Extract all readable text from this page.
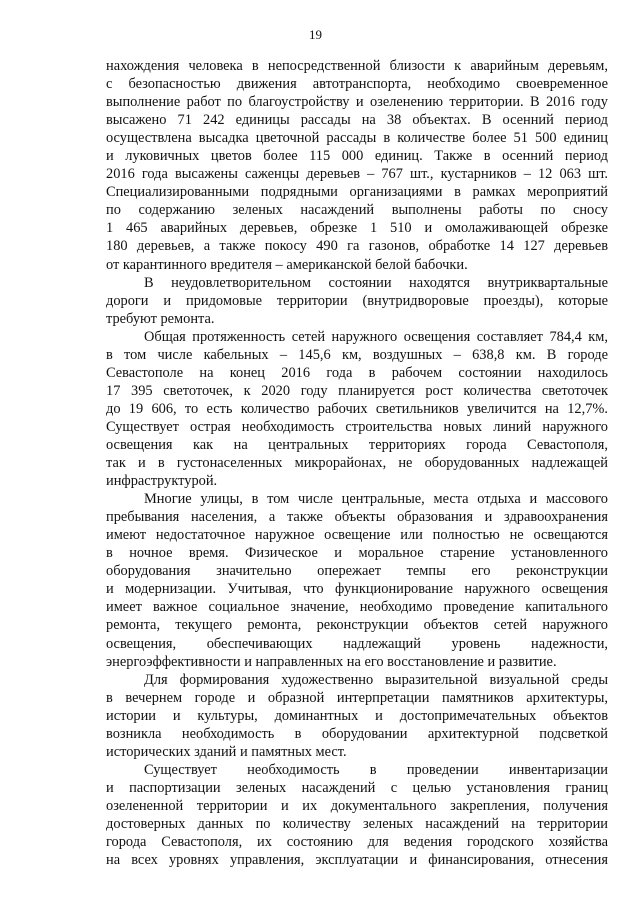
19
нахождения человека в непосредственной близости к аварийным деревьям,
с безопасностью движения автотранспорта, необходимо своевременное
выполнение работ по благоустройству и озеленению территории. В 2016 году
высажено 71 242 единицы рассады на 38 объектах. В осенний период
осуществлена высадка цветочной рассады в количестве более 51 500 единиц
и луковичных цветов более 115 000 единиц. Также в осенний период
2016 года высажены саженцы деревьев – 767 шт., кустарников – 12 063 шт.
Специализированными подрядными организациями в рамках мероприятий
по содержанию зеленых насаждений выполнены работы по сносу
1 465 аварийных деревьев, обрезке 1 510 и омолаживающей обрезке
180 деревьев, а также покосу 490 га газонов, обработке 14 127 деревьев
от карантинного вредителя – американской белой бабочки.
В неудовлетворительном состоянии находятся внутриквартальные
дороги и придомовые территории (внутридворовые проезды), которые
требуют ремонта.
Общая протяженность сетей наружного освещения составляет 784,4 км,
в том числе кабельных – 145,6 км, воздушных – 638,8 км. В городе
Севастополе на конец 2016 года в рабочем состоянии находилось
17 395 светоточек, к 2020 году планируется рост количества светоточек
до 19 606, то есть количество рабочих светильников увеличится на 12,7%.
Существует острая необходимость строительства новых линий наружного
освещения как на центральных территориях города Севастополя,
так и в густонаселенных микрорайонах, не оборудованных надлежащей
инфраструктурой.
Многие улицы, в том числе центральные, места отдыха и массового
пребывания населения, а также объекты образования и здравоохранения
имеют недостаточное наружное освещение или полностью не освещаются
в ночное время. Физическое и моральное старение установленного
оборудования значительно опережает темпы его реконструкции
и модернизации. Учитывая, что функционирование наружного освещения
имеет важное социальное значение, необходимо проведение капитального
ремонта, текущего ремонта, реконструкции объектов сетей наружного
освещения, обеспечивающих надлежащий уровень надежности,
энергоэффективности и направленных на его восстановление и развитие.
Для формирования художественно выразительной визуальной среды
в вечернем городе и образной интерпретации памятников архитектуры,
истории и культуры, доминантных и достопримечательных объектов
возникла необходимость в оборудовании архитектурной подсветкой
исторических зданий и памятных мест.
Существует необходимость в проведении инвентаризации
и паспортизации зеленых насаждений с целью установления границ
озелененной территории и их документального закрепления, получения
достоверных данных по количеству зеленых насаждений на территории
города Севастополя, их состоянию для ведения городского хозяйства
на всех уровнях управления, эксплуатации и финансирования, отнесения
